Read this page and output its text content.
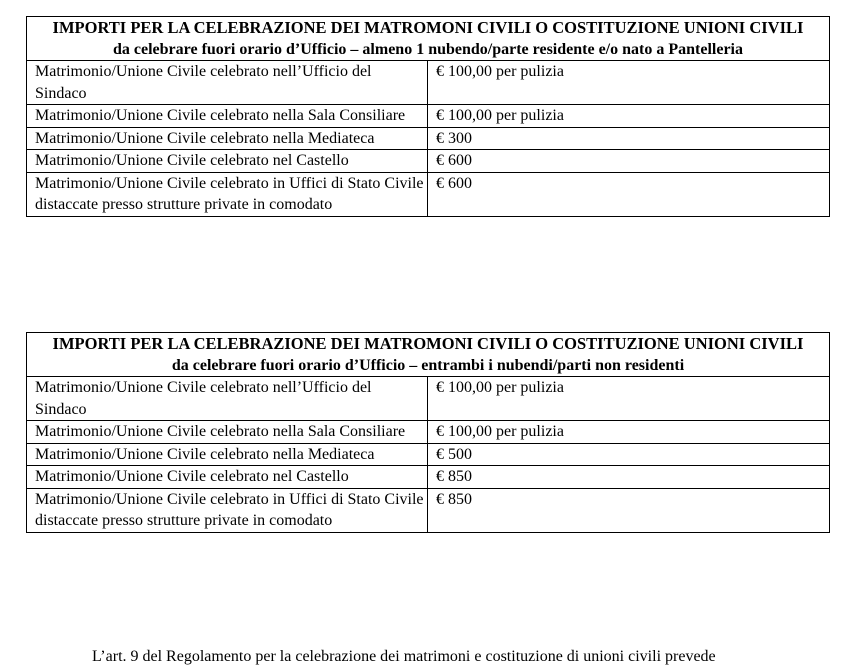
IMPORTI PER LA CELEBRAZIONE DEI MATROMONI CIVILI O COSTITUZIONE UNIONI CIVILI
da celebrare fuori orario d’Ufficio – almeno 1 nubendo/parte residente e/o nato a Pantelleria	

Matrimonio/Unione Civile celebrato nell’Ufficio del Sindaco	€ 100,00 per pulizia
Matrimonio/Unione Civile celebrato nella Sala Consiliare	€ 100,00 per pulizia
Matrimonio/Unione Civile celebrato nella Mediateca	€ 300
Matrimonio/Unione Civile celebrato nel Castello	€ 600
Matrimonio/Unione Civile celebrato in Uffici di Stato Civile distaccate presso strutture private in comodato	€ 600
IMPORTI PER LA CELEBRAZIONE DEI MATROMONI CIVILI O COSTITUZIONE UNIONI CIVILI
da celebrare fuori orario d’Ufficio – entrambi i nubendi/parti non residenti	

Matrimonio/Unione Civile celebrato nell’Ufficio del Sindaco	€ 100,00 per pulizia
Matrimonio/Unione Civile celebrato nella Sala Consiliare	€ 100,00 per pulizia
Matrimonio/Unione Civile celebrato nella Mediateca	€ 500
Matrimonio/Unione Civile celebrato nel Castello	€ 850
Matrimonio/Unione Civile celebrato in Uffici di Stato Civile distaccate presso strutture private in comodato	€ 850
L’art. 9 del Regolamento per la celebrazione dei matrimoni e costituzione di unioni civili prevede
